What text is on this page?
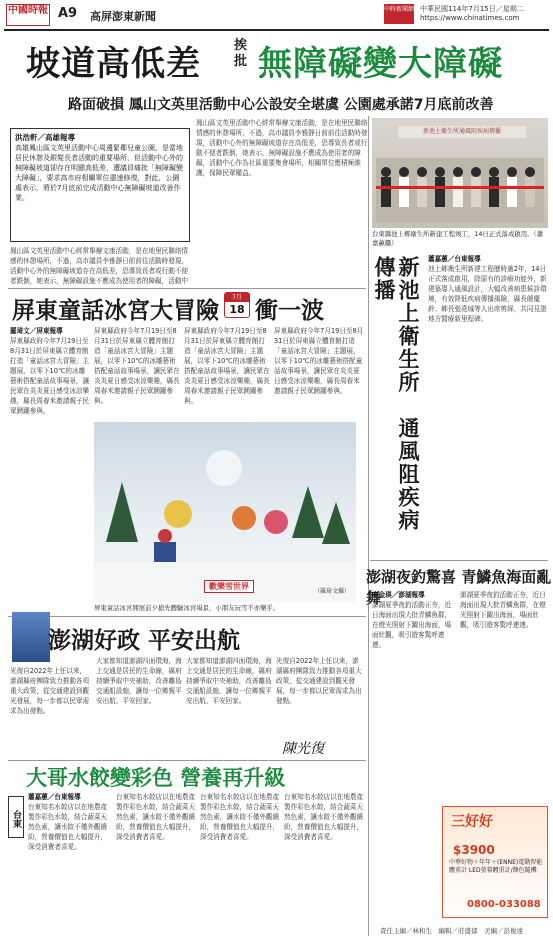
中國時報 A9 高屏澎東新聞
中時新聞網 中華民國114年7月15日／星期二
https://www.chinatimes.com
坡道高低差	挨批 無障礙變大障礙
路面破損 鳳山文英里活動中心公設安全堪虞 公園處承諾7月底前改善
洪浩軒／高雄報導
高雄鳳山區文英里活動中心周邊緊鄰兒童公園，是當地居民休憩及銀髮長者活動的重要場所，但活動中心外的無障礙坡道卻存在明顯高低差，遭議員痛批「無障礙變大障礙」，要求高市府相關單位盡速修復，對此，公園處表示，將於7月底前完成活動中心無障礙坡道改善作業。
鳳山區文英里活動中心經常舉辦文康活動，是在地里民聯絡情感的休憩場所，不過，高市議員李雅靜日前前往活動時發現，活動中心外的無障礙坡道存在高低差，恐導致長者或行動不便者跌倒，她表示，無障礙設施不應成為使用者的障礙，活動中
鳳山區文英里活動中心經常舉辦文康活動，是在地里民聯絡情感的休憩場所，不過，高市議員李雅靜日前前往活動時發現，活動中心外的無障礙坡道存在高低差，恐導致長者或行動不便者跌倒，她表示，無障礙設施不應成為使用者的障礙，活動中心作為社區重要集會場所，相關單位應積極維護，保障民眾權益。
新池上衛生所通風阻疾病傳播
台東縣池上鄉衛生所新建工程竣工，14日正式落成啟用。（蕭嘉蕙攝）
新池上衛生所　通風阻疾病傳播	蕭嘉蕙／台東報導
池上鄉衛生所新建工程歷時逾2年，14日正式落成啟用，除原有的診療功能外，新建築導入通風設計，大幅改善病患候診環境，有效降低疾病傳播風險，縣長饒慶鈴、鄉長張堯城等人出席剪綵，共同見證地方醫療新里程碑。
屏東童話冰宮大冒險	7月
18 衝一波
羅琦文／屏東報導
屏東縣政府今年7月19日至8月31日於屏東縣立體育館打造「童話冰宮大冒險」主題展，以零下10℃的冰雕藝術搭配童話故事場景，讓民眾在炎炎夏日感受冰涼樂趣，縣長周春米邀請親子民眾踴躍參與。
屏東縣政府今年7月19日至8月31日於屏東縣立體育館打造「童話冰宮大冒險」主題展，以零下10℃的冰雕藝術搭配童話故事場景，讓民眾在炎炎夏日感受冰涼樂趣，縣長周春米邀請親子民眾踴躍參與。
屏東縣政府今年7月19日至8月31日於屏東縣立體育館打造「童話冰宮大冒險」主題展，以零下10℃的冰雕藝術搭配童話故事場景，讓民眾在炎炎夏日感受冰涼樂趣，縣長周春米邀請親子民眾踴躍參與。
屏東縣政府今年7月19日至8月31日於屏東縣立體育館打造「童話冰宮大冒險」主題展，以零下10℃的冰雕藝術搭配童話故事場景，讓民眾在炎炎夏日感受冰涼樂趣，縣長周春米邀請親子民眾踴躍參與。
歡樂雪世界
（羅琦文攝）
屏東童話冰宮開展前夕搶先體驗冰宮場景，小朋友玩雪不亦樂乎。
澎湖好政 平安出航
光復自2022年上任以來，澎湖縣府團隊致力推動各項重大政策，從交通建設到觀光發展，每一步都以民眾需求為出發點。
大家都知道澎湖四面環海，海上交通是居民的生命線，縣府持續爭取中央補助，改善離島交通船設施，讓每一位鄉親平安出航、平安回家。
大家都知道澎湖四面環海，海上交通是居民的生命線，縣府持續爭取中央補助，改善離島交通船設施，讓每一位鄉親平安出航、平安回家。
光復自2022年上任以來，澎湖縣府團隊致力推動各項重大政策，從交通建設到觀光發展，每一步都以民眾需求為出發點。
陳光復
大哥水餃變彩色 營養再升級
台東
蕭嘉蕙／台東報導
台東知名水餃店以在地農產製作彩色水餃，結合蔬菜天然色素，讓水餃不僅外觀繽紛，營養價值也大幅提升，深受消費者喜愛。
台東知名水餃店以在地農產製作彩色水餃，結合蔬菜天然色素，讓水餃不僅外觀繽紛，營養價值也大幅提升，深受消費者喜愛。
台東知名水餃店以在地農產製作彩色水餃，結合蔬菜天然色素，讓水餃不僅外觀繽紛，營養價值也大幅提升，深受消費者喜愛。
台東知名水餃店以在地農產製作彩色水餃，結合蔬菜天然色素，讓水餃不僅外觀繽紛，營養價值也大幅提升，深受消費者喜愛。
澎湖夜釣驚喜 青鱗魚海面亂舞
李金瑛／澎湖報導
澎湖夏季夜釣活動正夯，近日海面出現大批青鱗魚群，在燈光照射下躍出海面，場面壯觀，吸引遊客驚呼連連。
澎湖夏季夜釣活動正夯，近日海面出現大批青鱗魚群，在燈光照射下躍出海面，場面壯觀，吸引遊客驚呼連連。
三好好
$3900
中華好物＋年年＋(ENNE)電動智能體重計 LED螢幕體重計/顏色隨機
0800-033088
責任主編／林和生　編輯／莊盛郁　美編／彭俊達
